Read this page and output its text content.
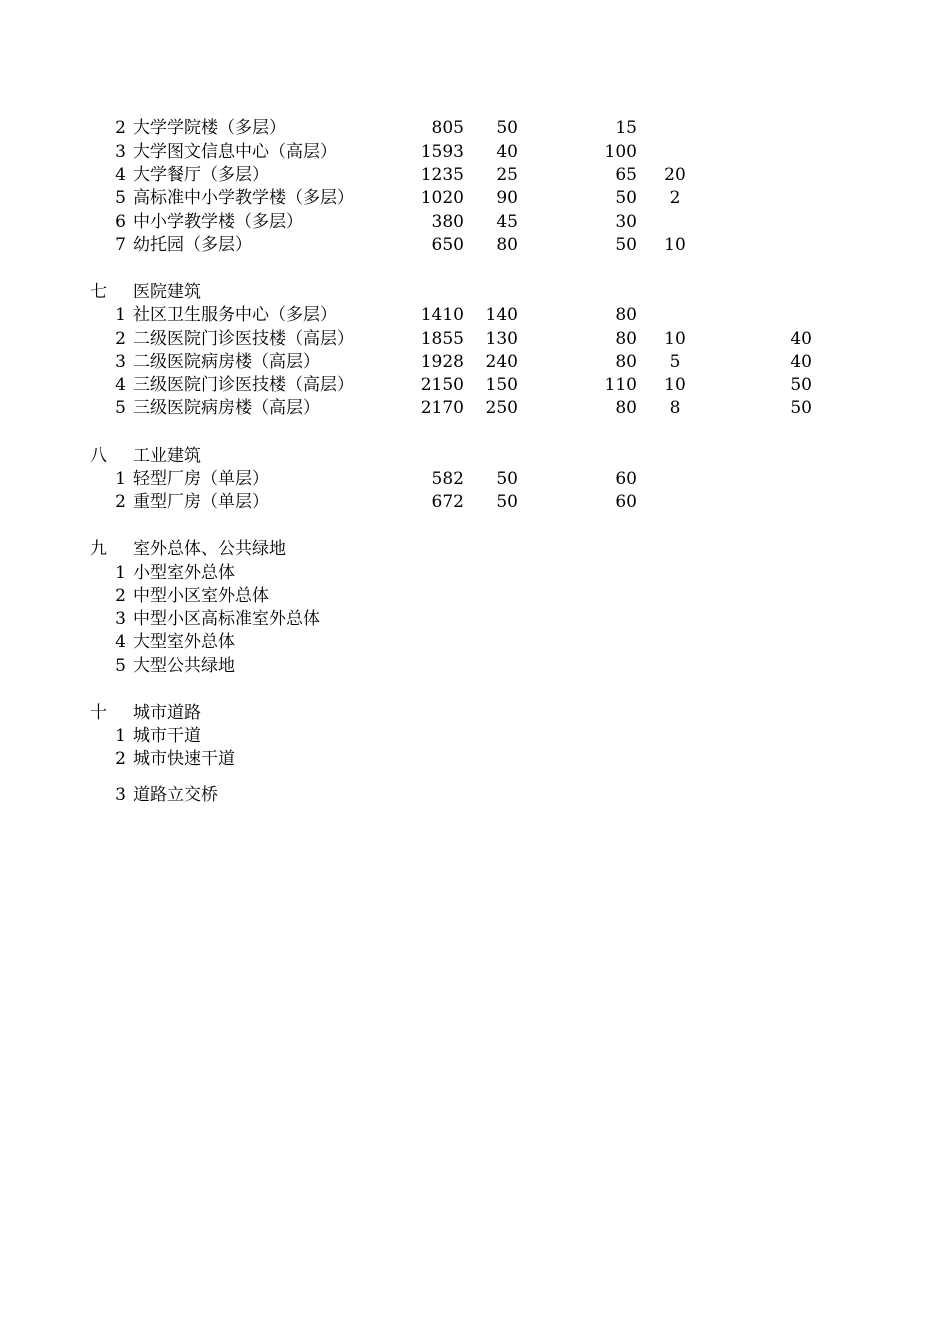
2 大学学院楼（多层）	805	50	15
3 大学图文信息中心（高层）	1593	40	100
4 大学餐厅（多层）	1235	25	65	20
5 高标准中小学教学楼（多层）	1020	90	50	2
6 中小学教学楼（多层）	380	45	30
7 幼托园（多层）	650	80	50	10
七	医院建筑
1 社区卫生服务中心（多层）	1410	140	80
2 二级医院门诊医技楼（高层）	1855	130	80	10	40
3 二级医院病房楼（高层）	1928	240	80	5	40
4 三级医院门诊医技楼（高层）	2150	150	110	10	50
5 三级医院病房楼（高层）	2170	250	80	8	50
八	工业建筑
1 轻型厂房（单层）	582	50	60
2 重型厂房（单层）	672	50	60
九	室外总体、公共绿地
1 小型室外总体
2 中型小区室外总体
3 中型小区高标准室外总体
4 大型室外总体
5 大型公共绿地
十	城市道路
1 城市干道
2 城市快速干道
3 道路立交桥
